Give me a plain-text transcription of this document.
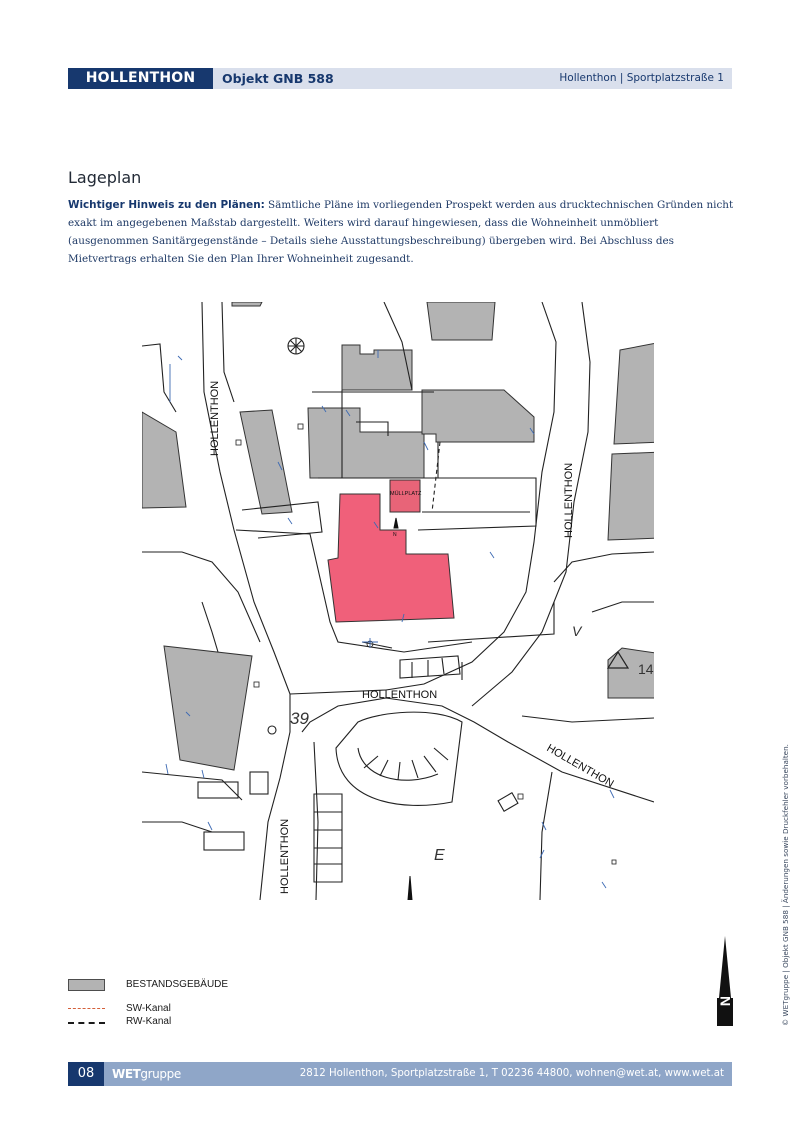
HOLLENTHON	Objekt GNB 588	Hollenthon | Sportplatzstraße 1
Lageplan
Wichtiger Hinweis zu den Plänen: Sämtliche Pläne im vorliegenden Prospekt werden aus drucktechnischen Gründen nicht exakt im angegebenen Maßstab dargestellt. Weiters wird darauf hingewiesen, dass die Wohneinheit unmöbliert (ausgenommen Sanitärgegenstände – Details siehe Ausstattungsbeschreibung) übergeben wird. Bei Abschluss des Mietvertrags erhalten Sie den Plan Ihrer Wohneinheit zugesandt.
HOLLENTHON
HOLLENTHON
HOLLENTHON
HOLLENTHON
HOLLENTHON
MÜLLPLATZ
N
39
14
E
V
BESTANDSGEBÄUDE
SW-Kanal
RW-Kanal
N	© WETgruppe | Objekt GNB 588 | Änderungen sowie Druckfehler vorbehalten.
08	WETgruppe	2812 Hollenthon, Sportplatzstraße 1, T 02236 44800, wohnen@wet.at, www.wet.at
